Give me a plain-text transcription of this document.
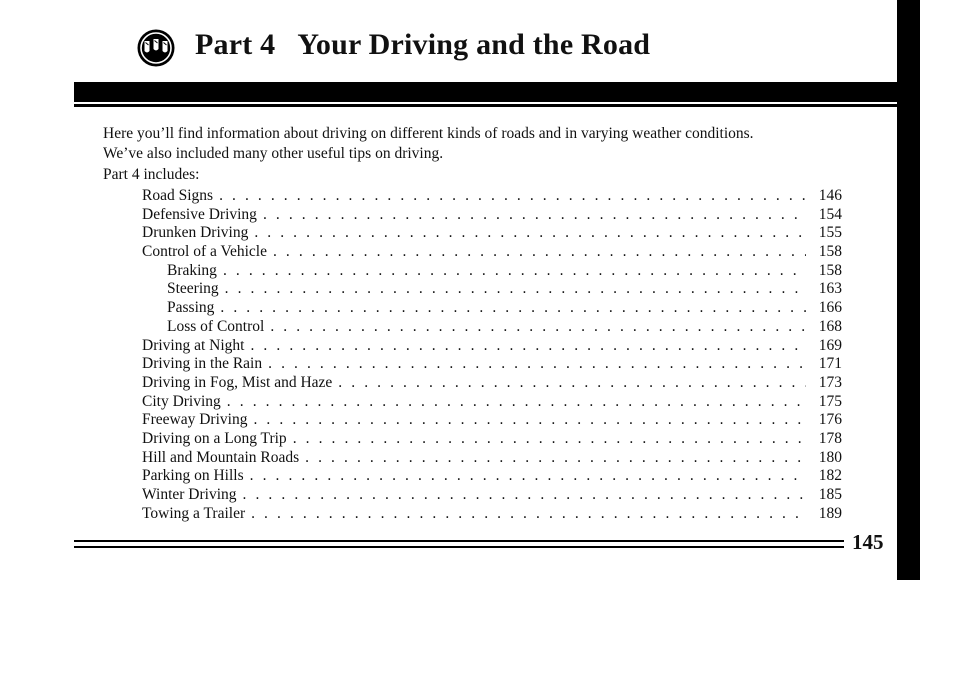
Part 4 Your Driving and the Road

Here you’ll find information about driving on different kinds of roads and in varying weather conditions.

We’ve also included many other useful tips on driving.

Part 4 includes:
Road Signs . . .	146
Defensive Driving . . .	154
Drunken Driving . . .	155
Control of a Vehicle . . .	158
Braking . . .	158
Steering . . .	163
Passing . . .	166
Loss of Control . . .	168
Driving at Night . . .	169
Driving in the Rain . . .	171
Driving in Fog, Mist and Haze . . .	173
City Driving . . .	175
Freeway Driving . . .	176
Driving on a Long Trip . . .	178
Hill and Mountain Roads . . .	180
Parking on Hills . . .	182
Winter Driving . . .	185
Towing a Trailer . . .	189
145
